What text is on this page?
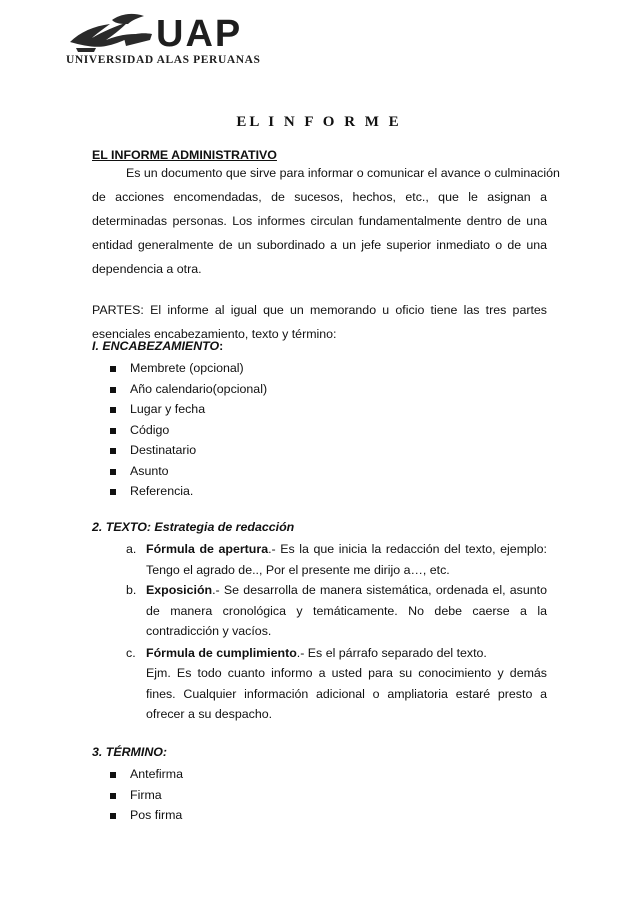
UAP
UNIVERSIDAD ALAS PERUANAS
EL I N F O R M E
EL INFORME ADMINISTRATIVO
Es un documento que sirve para informar o comunicar el avance o culminación

de acciones encomendadas, de sucesos, hechos, etc., que le asignan a determinadas personas. Los informes circulan fundamentalmente dentro de una entidad generalmente de un subordinado a un jefe superior inmediato o de una dependencia a otra.

PARTES: El informe al igual que un memorando u oficio tiene las tres partes esenciales encabezamiento, texto y término:

I. ENCABEZAMIENTO:
Membrete (opcional)
Año calendario(opcional)
Lugar y fecha
Código
Destinatario
Asunto
Referencia.
2. TEXTO: Estrategia de redacción
a. Fórmula de apertura.- Es la que inicia la redacción del texto, ejemplo: Tengo el agrado de.., Por el presente me dirijo a…, etc.
b. Exposición.- Se desarrolla de manera sistemática, ordenada el, asunto de manera cronológica y temáticamente. No debe caerse a la contradicción y vacíos.
c. Fórmula de cumplimiento.- Es el párrafo separado del texto.
Ejm. Es todo cuanto informo a usted para su conocimiento y demás fines. Cualquier información adicional o ampliatoria estaré presto a ofrecer a su despacho.
3. TÉRMINO:
Antefirma
Firma
Pos firma
